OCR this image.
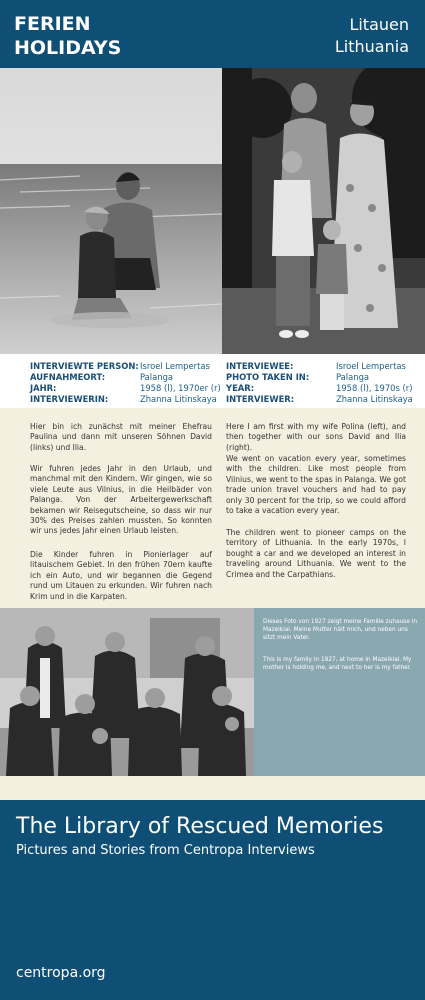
FERIEN
HOLIDAYS
Litauen
Lithuania
INTERVIEWTE PERSON:
AUFNAHMEORT:
JAHR:
INTERVIEWERIN:
Isroel Lempertas
Palanga
1958 (l), 1970er (r)
Zhanna Litinskaya
INTERVIEWEE:
PHOTO TAKEN IN:
YEAR:
INTERVIEWER:
Isroel Lempertas
Palanga
1958 (l), 1970s (r)
Zhanna Litinskaya

Hier bin ich zunächst mit meiner Ehefrau Paulina und dann mit unseren Söhnen David (links) und Ilia.

Wir fuhren jedes Jahr in den Urlaub, und manchmal mit den Kindern. Wir gingen, wie so viele Leute aus Vilnius, in die Heilbäder von Palanga. Von der Arbeitergewerkschaft bekamen wir Reisegutscheine, so dass wir nur 30% des Preises zahlen mussten. So konnten wir uns jedes Jahr einen Urlaub leisten.

Die Kinder fuhren in Pionierlager auf litauischem Gebiet. In den frühen 70ern kaufte ich ein Auto, und wir begannen die Gegend rund um Litauen zu erkunden. Wir fuhren nach Krim und in die Karpaten.

Here I am first with my wife Polina (left), and then together with our sons David and Ilia (right).

We went on vacation every year, sometimes with the children. Like most people from Vilnius, we went to the spas in Palanga. We got trade union travel vouchers and had to pay only 30 percent for the trip, so we could afford to take a vacation every year.

The children went to pioneer camps on the territory of Lithuania. In the early 1970s, I bought a car and we developed an interest in traveling around Lithuania. We went to the Crimea and the Carpathians.

Dieses Foto von 1927 zeigt meine Familie zuhause in Mazeikiai. Meine Mutter hält mich, und neben uns sitzt mein Vater.

This is my family in 1927, at home in Mazeikiai. My mother is holding me, and next to her is my father.

The Library of Rescued Memories
Pictures and Stories from Centropa Interviews
centropa.org
